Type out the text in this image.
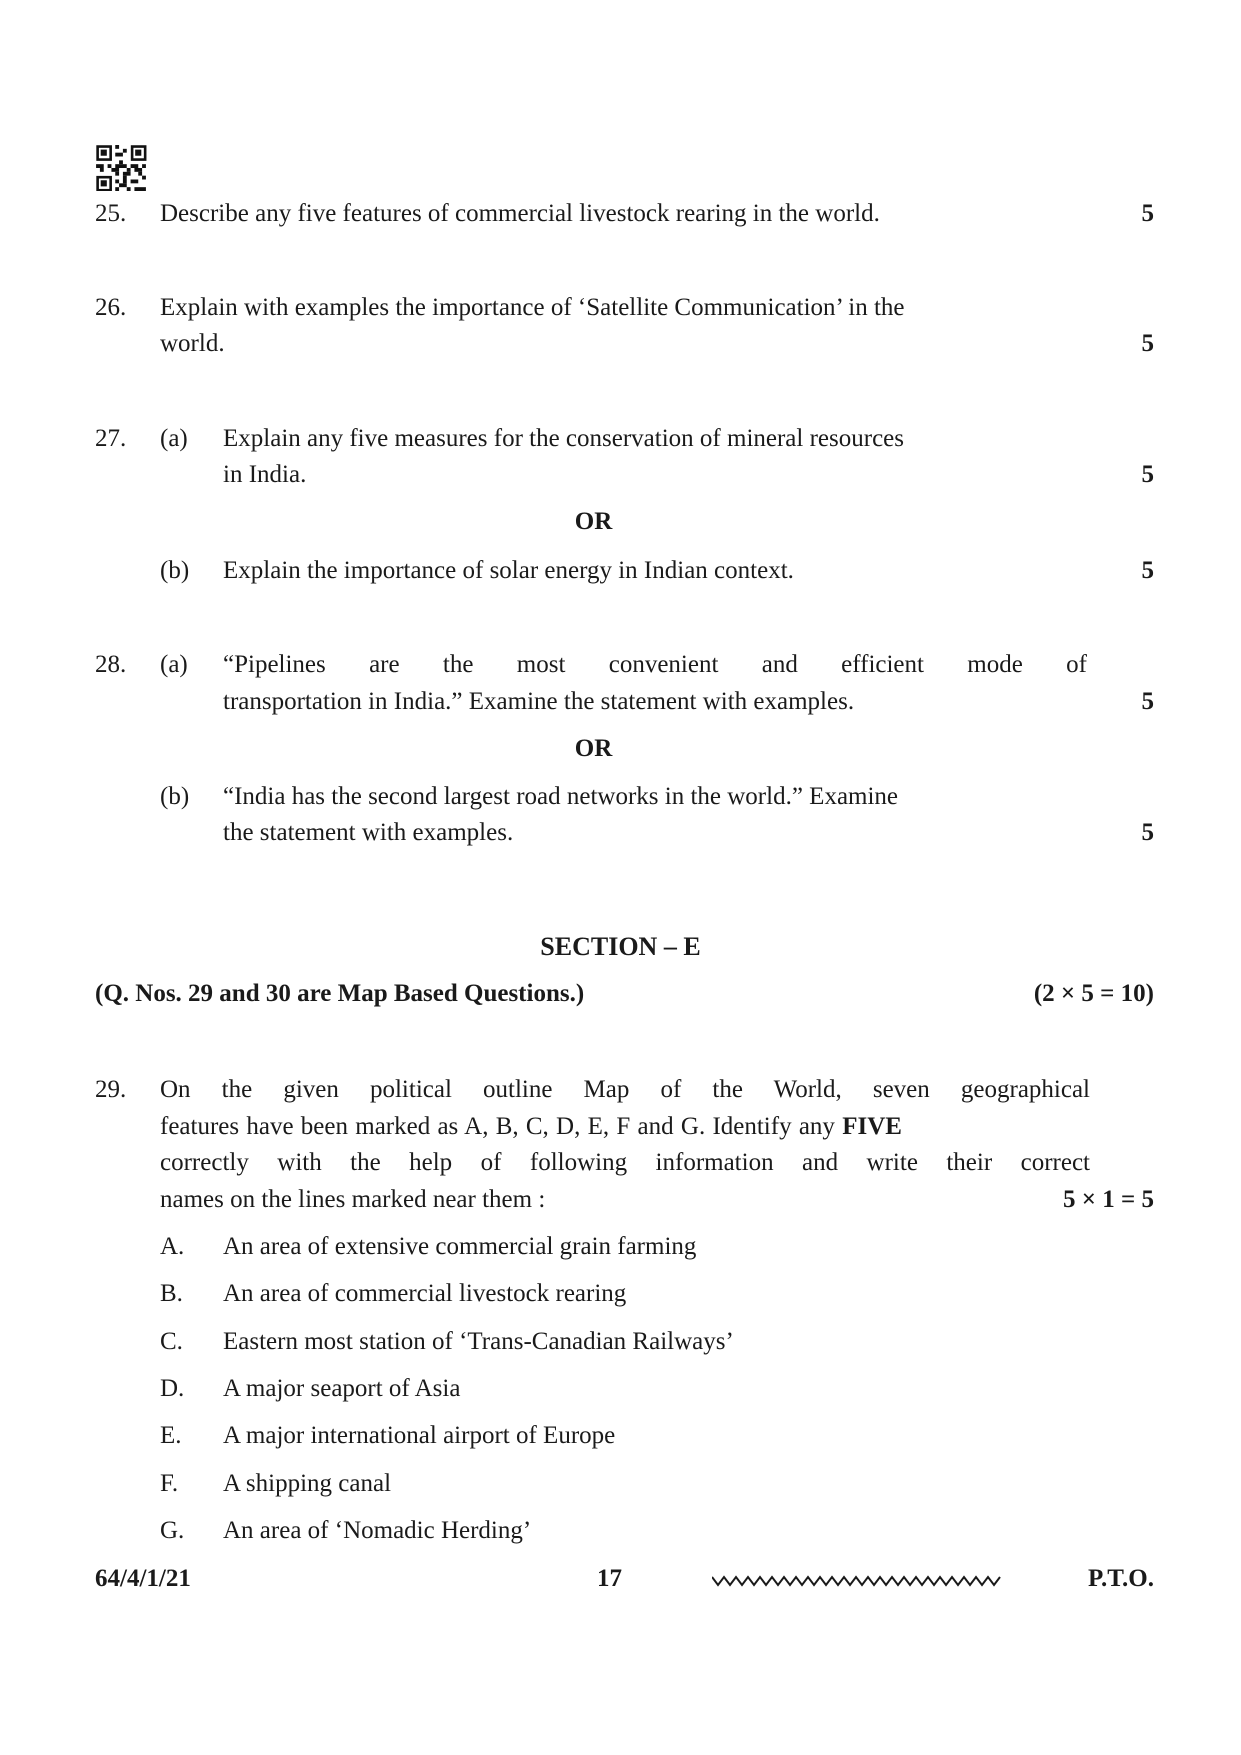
25. Describe any five features of commercial livestock rearing in the world.	5
26. Explain with examples the importance of ‘Satellite Communication’ in the
world.	5
27. (a) Explain any five measures for the conservation of mineral resources
in India.	5
OR
(b) Explain the importance of solar energy in Indian context.	5
28. (a) “Pipelines are the most convenient and efficient mode of
transportation in India.” Examine the statement with examples.	5
OR
(b) “India has the second largest road networks in the world.” Examine
the statement with examples.	5
SECTION – E
(Q. Nos. 29 and 30 are Map Based Questions.)	(2 × 5 = 10)
29. On the given political outline Map of the World, seven geographical
features have been marked as A, B, C, D, E, F and G. Identify any FIVE
correctly with the help of following information and write their correct
names on the lines marked near them :	5 × 1 = 5
A. An area of extensive commercial grain farming
B. An area of commercial livestock rearing
C. Eastern most station of ‘Trans-Canadian Railways’
D. A major seaport of Asia
E. A major international airport of Europe
F. A shipping canal
G. An area of ‘Nomadic Herding’
64/4/1/21	17	P.T.O.
